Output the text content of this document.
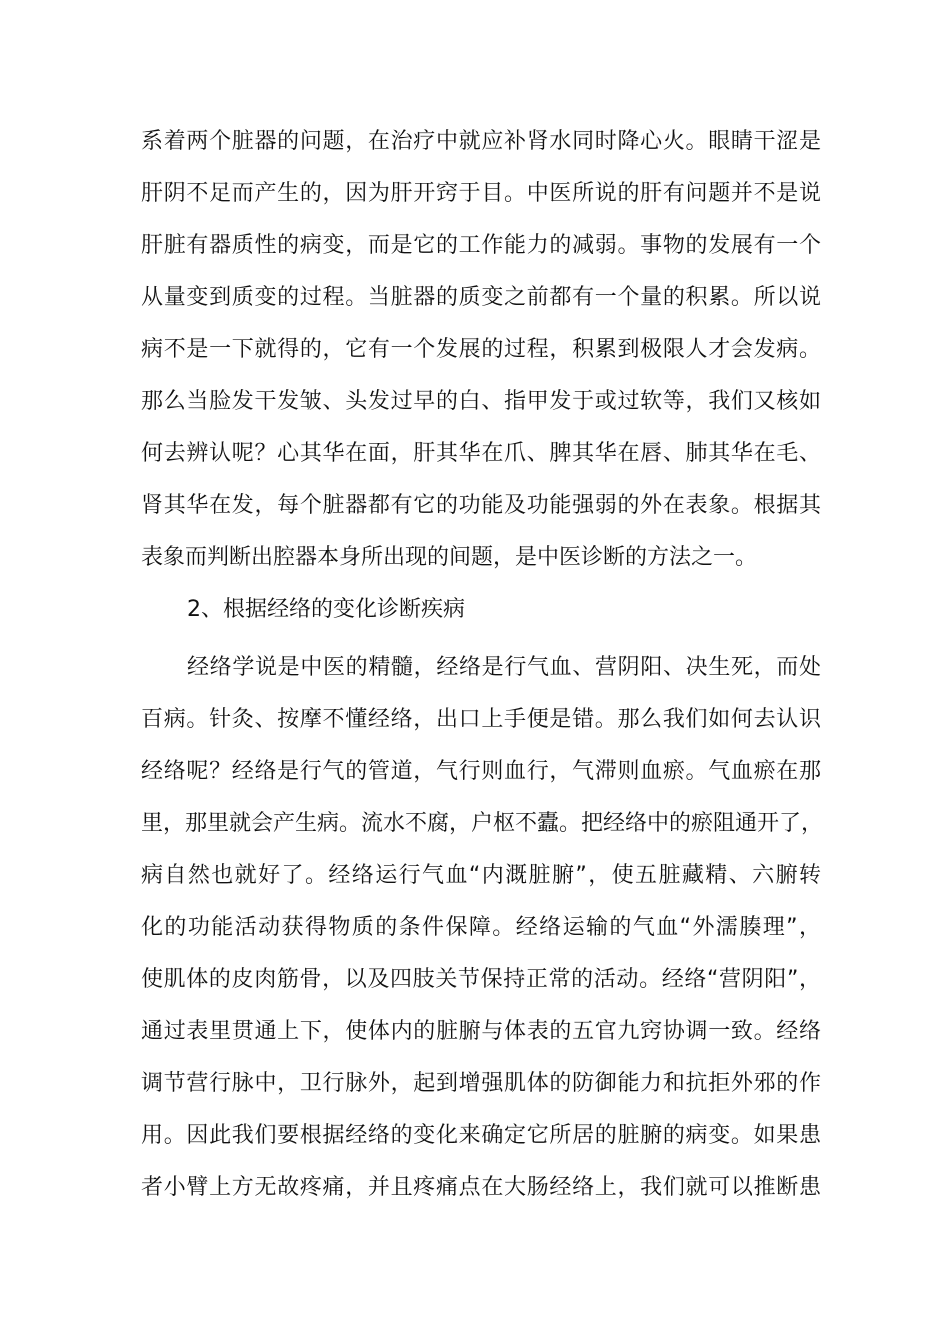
系着两个脏器的问题，在治疗中就应补肾水同时降心火。眼睛干涩是
肝阴不足而产生的，因为肝开窍于目。中医所说的肝有问题并不是说
肝脏有器质性的病变，而是它的工作能力的减弱。事物的发展有一个
从量变到质变的过程。当脏器的质变之前都有一个量的积累。所以说
病不是一下就得的，它有一个发展的过程，积累到极限人才会发病。
那么当脸发干发皱、头发过早的白、指甲发于或过软等，我们又核如
何去辨认呢？心其华在面，肝其华在爪、脾其华在唇、肺其华在毛、
肾其华在发，每个脏器都有它的功能及功能强弱的外在表象。根据其
表象而判断出腔器本身所出现的间题，是中医诊断的方法之一。
2、根据经络的变化诊断疾病
经络学说是中医的精髓，经络是行气血、营阴阳、决生死，而处
百病。针灸、按摩不懂经络，出口上手便是错。那么我们如何去认识
经络呢？经络是行气的管道，气行则血行，气滞则血瘀。气血瘀在那
里，那里就会产生病。流水不腐，户枢不蠹。把经络中的瘀阻通开了，
病自然也就好了。经络运行气血“内溉脏腑”，使五脏藏精、六腑转
化的功能活动获得物质的条件保障。经络运输的气血“外濡腠理”，
使肌体的皮肉筋骨，以及四肢关节保持正常的活动。经络“营阴阳”，
通过表里贯通上下，使体内的脏腑与体表的五官九窍协调一致。经络
调节营行脉中，卫行脉外，起到增强肌体的防御能力和抗拒外邪的作
用。因此我们要根据经络的变化来确定它所居的脏腑的病变。如果患
者小臂上方无故疼痛，并且疼痛点在大肠经络上，我们就可以推断患
